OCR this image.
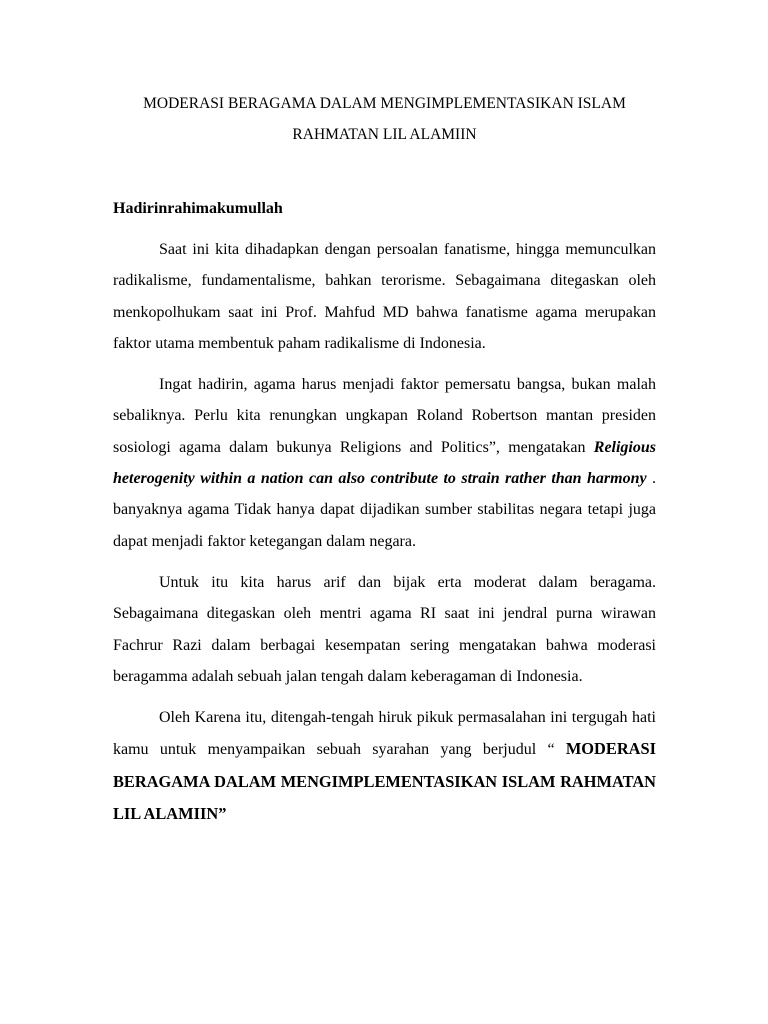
MODERASI BERAGAMA DALAM MENGIMPLEMENTASIKAN ISLAM
RAHMATAN LIL ALAMIIN
Hadirinrahimakumullah

Saat ini kita dihadapkan dengan persoalan fanatisme, hingga memunculkan radikalisme, fundamentalisme, bahkan terorisme. Sebagaimana ditegaskan oleh menkopolhukam saat ini Prof. Mahfud MD bahwa fanatisme agama merupakan faktor utama membentuk paham radikalisme di Indonesia.

Ingat hadirin, agama harus menjadi faktor pemersatu bangsa, bukan malah sebaliknya. Perlu kita renungkan ungkapan Roland Robertson mantan presiden sosiologi agama dalam bukunya Religions and Politics”, mengatakan Religious heterogenity within a nation can also contribute to strain rather than harmony . banyaknya agama Tidak hanya dapat dijadikan sumber stabilitas negara tetapi juga dapat menjadi faktor ketegangan dalam negara.

Untuk itu kita harus arif dan bijak erta moderat dalam beragama. Sebagaimana ditegaskan oleh mentri agama RI saat ini jendral purna wirawan Fachrur Razi dalam berbagai kesempatan sering mengatakan bahwa moderasi beragamma adalah sebuah jalan tengah dalam keberagaman di Indonesia.

Oleh Karena itu, ditengah-tengah hiruk pikuk permasalahan ini tergugah hati kamu untuk menyampaikan sebuah syarahan yang berjudul “ MODERASI BERAGAMA DALAM MENGIMPLEMENTASIKAN ISLAM RAHMATAN LIL ALAMIIN”
